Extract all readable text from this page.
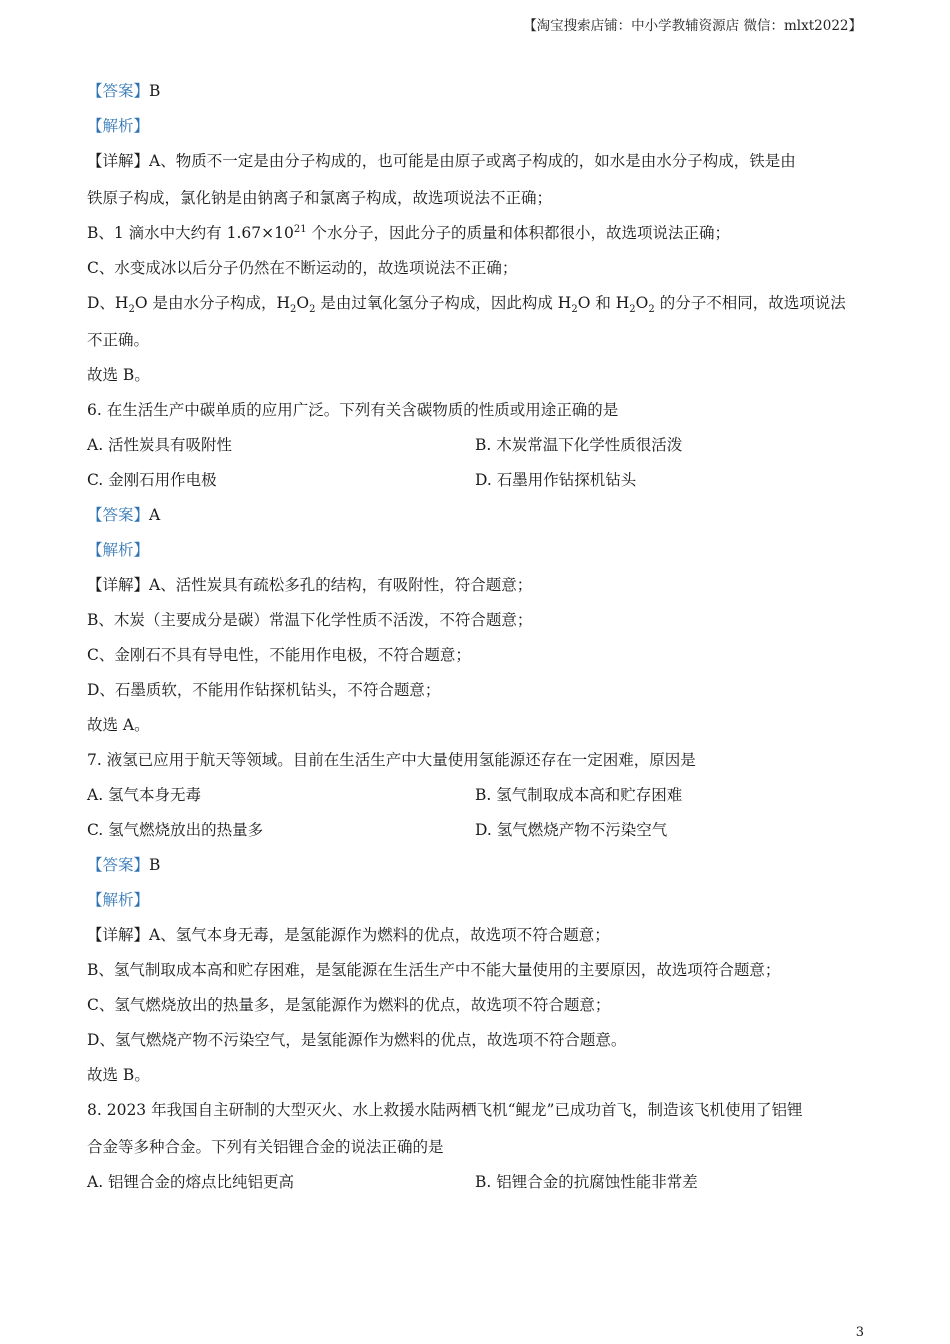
【淘宝搜索店铺：中小学教辅资源店 微信：mlxt2022】
【答案】B
【解析】
【详解】A、物质不一定是由分子构成的，也可能是由原子或离子构成的，如水是由水分子构成，铁是由
铁原子构成，氯化钠是由钠离子和氯离子构成，故选项说法不正确；
B、1 滴水中大约有 $1.67\times 10^{21}$ 个水分子，因此分子的质量和体积都很小，故选项说法正确；
C、水变成冰以后分子仍然在不断运动的，故选项说法不正确；
D、$H_2O$ 是由水分子构成，$H_2O_2$ 是由过氧化氢分子构成，因此构成 $H_2O$ 和 $H_2O_2$ 的分子不相同，故选项说法
不正确。
故选 B。
6. 在生活生产中碳单质的应用广泛。下列有关含碳物质的性质或用途正确的是
A. 活性炭具有吸附性	B. 木炭常温下化学性质很活泼
C. 金刚石用作电极	D. 石墨用作钻探机钻头
【答案】A
【解析】
【详解】A、活性炭具有疏松多孔的结构，有吸附性，符合题意；
B、木炭（主要成分是碳）常温下化学性质不活泼，不符合题意；
C、金刚石不具有导电性，不能用作电极，不符合题意；
D、石墨质软，不能用作钻探机钻头，不符合题意；
故选 A。
7. 液氢已应用于航天等领域。目前在生活生产中大量使用氢能源还存在一定困难，原因是
A. 氢气本身无毒	B. 氢气制取成本高和贮存困难
C. 氢气燃烧放出的热量多	D. 氢气燃烧产物不污染空气
【答案】B
【解析】
【详解】A、氢气本身无毒，是氢能源作为燃料的优点，故选项不符合题意；
B、氢气制取成本高和贮存困难，是氢能源在生活生产中不能大量使用的主要原因，故选项符合题意；
C、氢气燃烧放出的热量多，是氢能源作为燃料的优点，故选项不符合题意；
D、氢气燃烧产物不污染空气，是氢能源作为燃料的优点，故选项不符合题意。
故选 B。
8. 2023 年我国自主研制的大型灭火、水上救援水陆两栖飞机“鲲龙”已成功首飞，制造该飞机使用了铝锂
合金等多种合金。下列有关铝锂合金的说法正确的是
A. 铝锂合金的熔点比纯铝更高	B. 铝锂合金的抗腐蚀性能非常差
3
